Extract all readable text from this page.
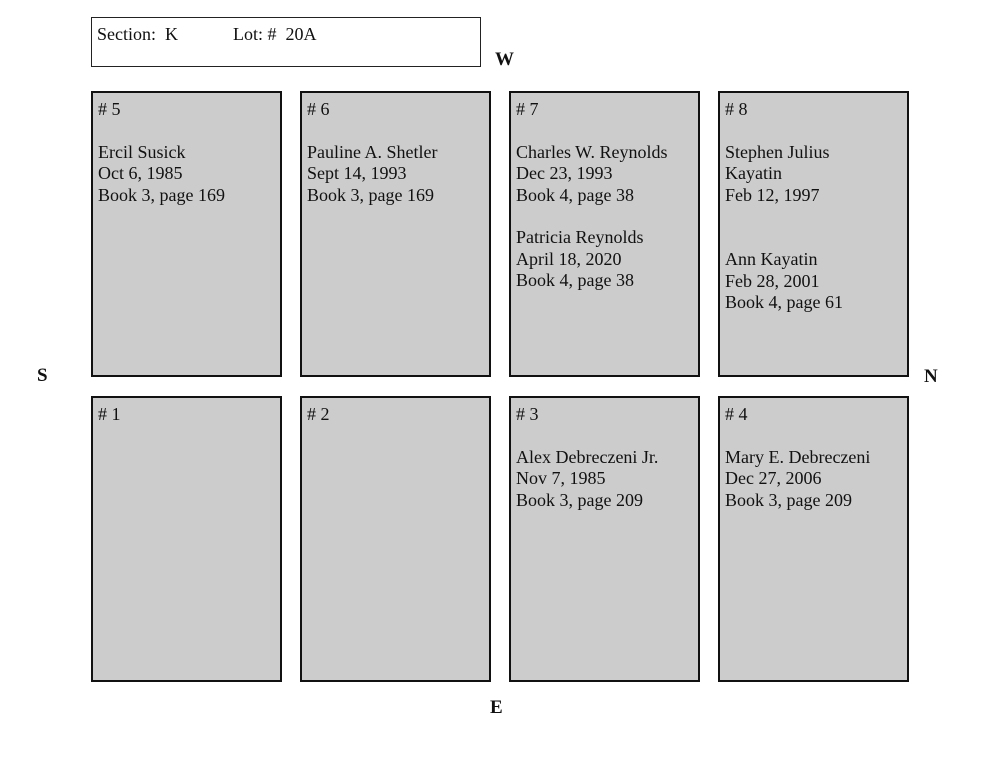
Section:  K	Lot: #  20A
W
S	N
E
# 5
Ercil Susick
Oct 6, 1985
Book 3, page 169
# 6
Pauline A. Shetler
Sept 14, 1993
Book 3, page 169
# 7
Charles W. Reynolds
Dec 23, 1993
Book 4, page 38
Patricia Reynolds
April 18, 2020
Book 4, page 38
# 8
Stephen Julius
Kayatin
Feb 12, 1997
Ann Kayatin
Feb 28, 2001
Book 4, page 61
# 1	# 2	# 3
Alex Debreczeni Jr.
Nov 7, 1985
Book 3, page 209
# 4
Mary E. Debreczeni
Dec 27, 2006
Book 3, page 209
